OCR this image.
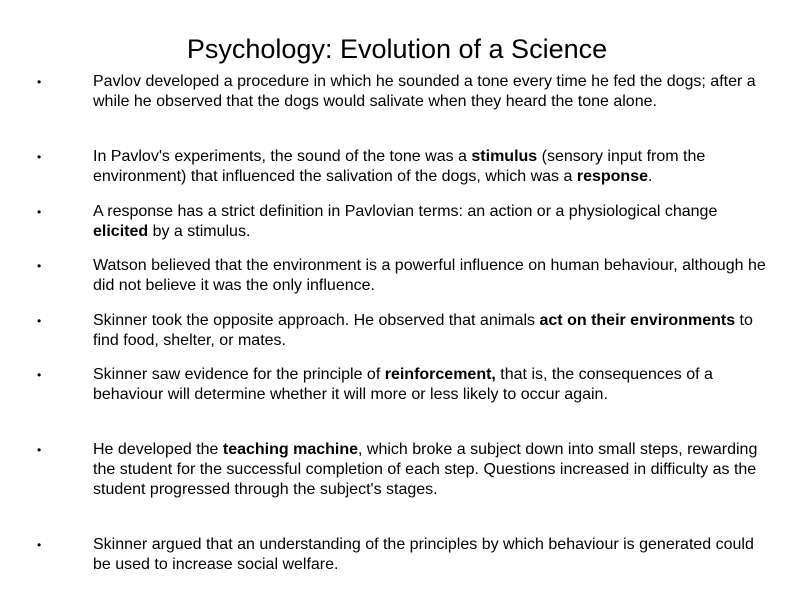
Psychology: Evolution of a Science
•	Pavlov developed a procedure in which he sounded a tone every time he fed the dogs; after a while he observed that the dogs would salivate when they heard the tone alone.

•	In Pavlov's experiments, the sound of the tone was a stimulus (sensory input from the environment) that influenced the salivation of the dogs, which was a response.

•	A response has a strict definition in Pavlovian terms: an action or a physiological change elicited by a stimulus.

•	Watson believed that the environment is a powerful influence on human behaviour, although he did not believe it was the only influence.

•	Skinner took the opposite approach. He observed that animals act on their environments to find food, shelter, or mates.

•	Skinner saw evidence for the principle of reinforcement, that is, the consequences of a behaviour will determine whether it will more or less likely to occur again.

•	He developed the teaching machine, which broke a subject down into small steps, rewarding the student for the successful completion of each step. Questions increased in difficulty as the student progressed through the subject's stages.

•	Skinner argued that an understanding of the principles by which behaviour is generated could be used to increase social welfare.
